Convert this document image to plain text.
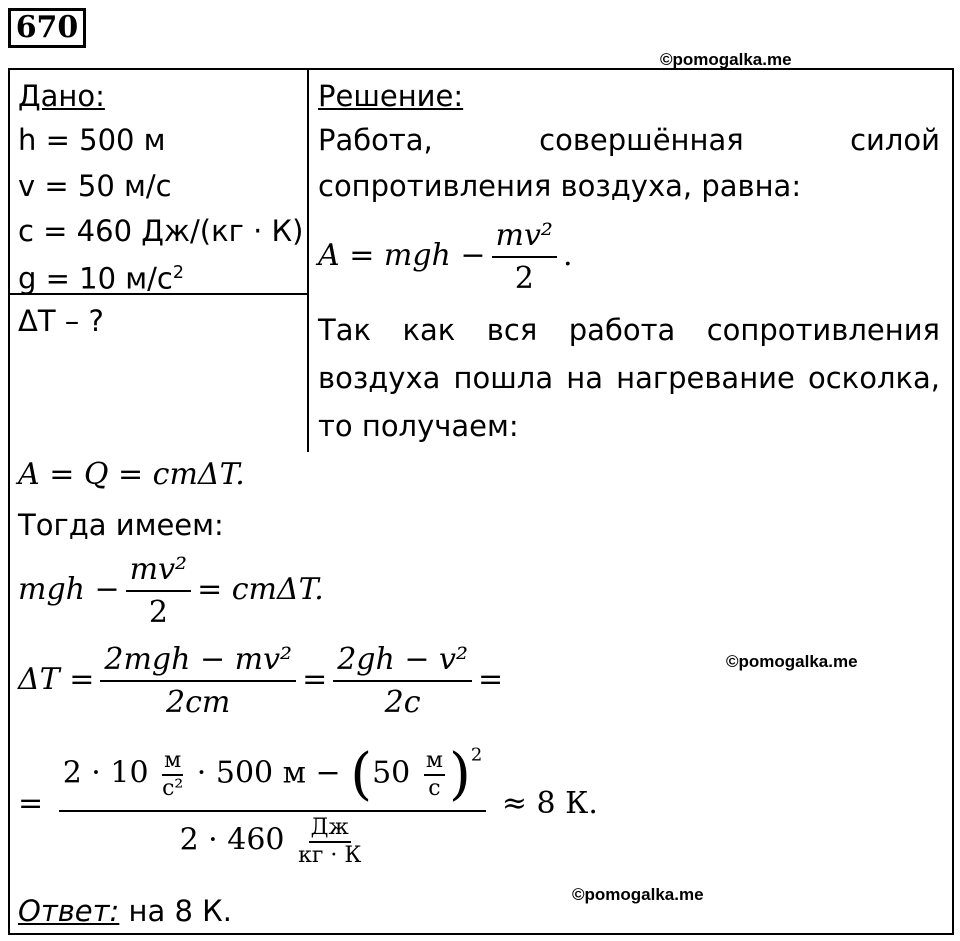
670
©pomogalka.me
©pomogalka.me
©pomogalka.me
Дано:
h = 500 м
v = 50 м/с
c = 460 Дж/(кг · К)
g = 10 $м/с^2$
ΔТ – ?
Решение:
Работа, совершённая силой
сопротивления воздуха, равна:
A = mgh − $\frac{\text{mv²}}{2}$ .
Так как вся работа сопротивления
воздуха пошла на нагревание осколка,
то получаем:
A = Q = cmΔT.
Тогда имеем:
mgh − $\frac{\text{mv²}}{2} = cm\Delta T$.
$\Delta T = \frac{\text{2mgh − mv²}}{2cm} = \frac{\text{2gh − v²}}{2c}$ =
= $\frac{2 \cdot 10 \frac{м}{\text{с²}} \cdot 500 м - (50 \frac{м}{с} )^2}{2 \cdot 460 \frac{Дж}{кг \cdot К}} \approx 8$ К.
Ответ: на 8 К.
